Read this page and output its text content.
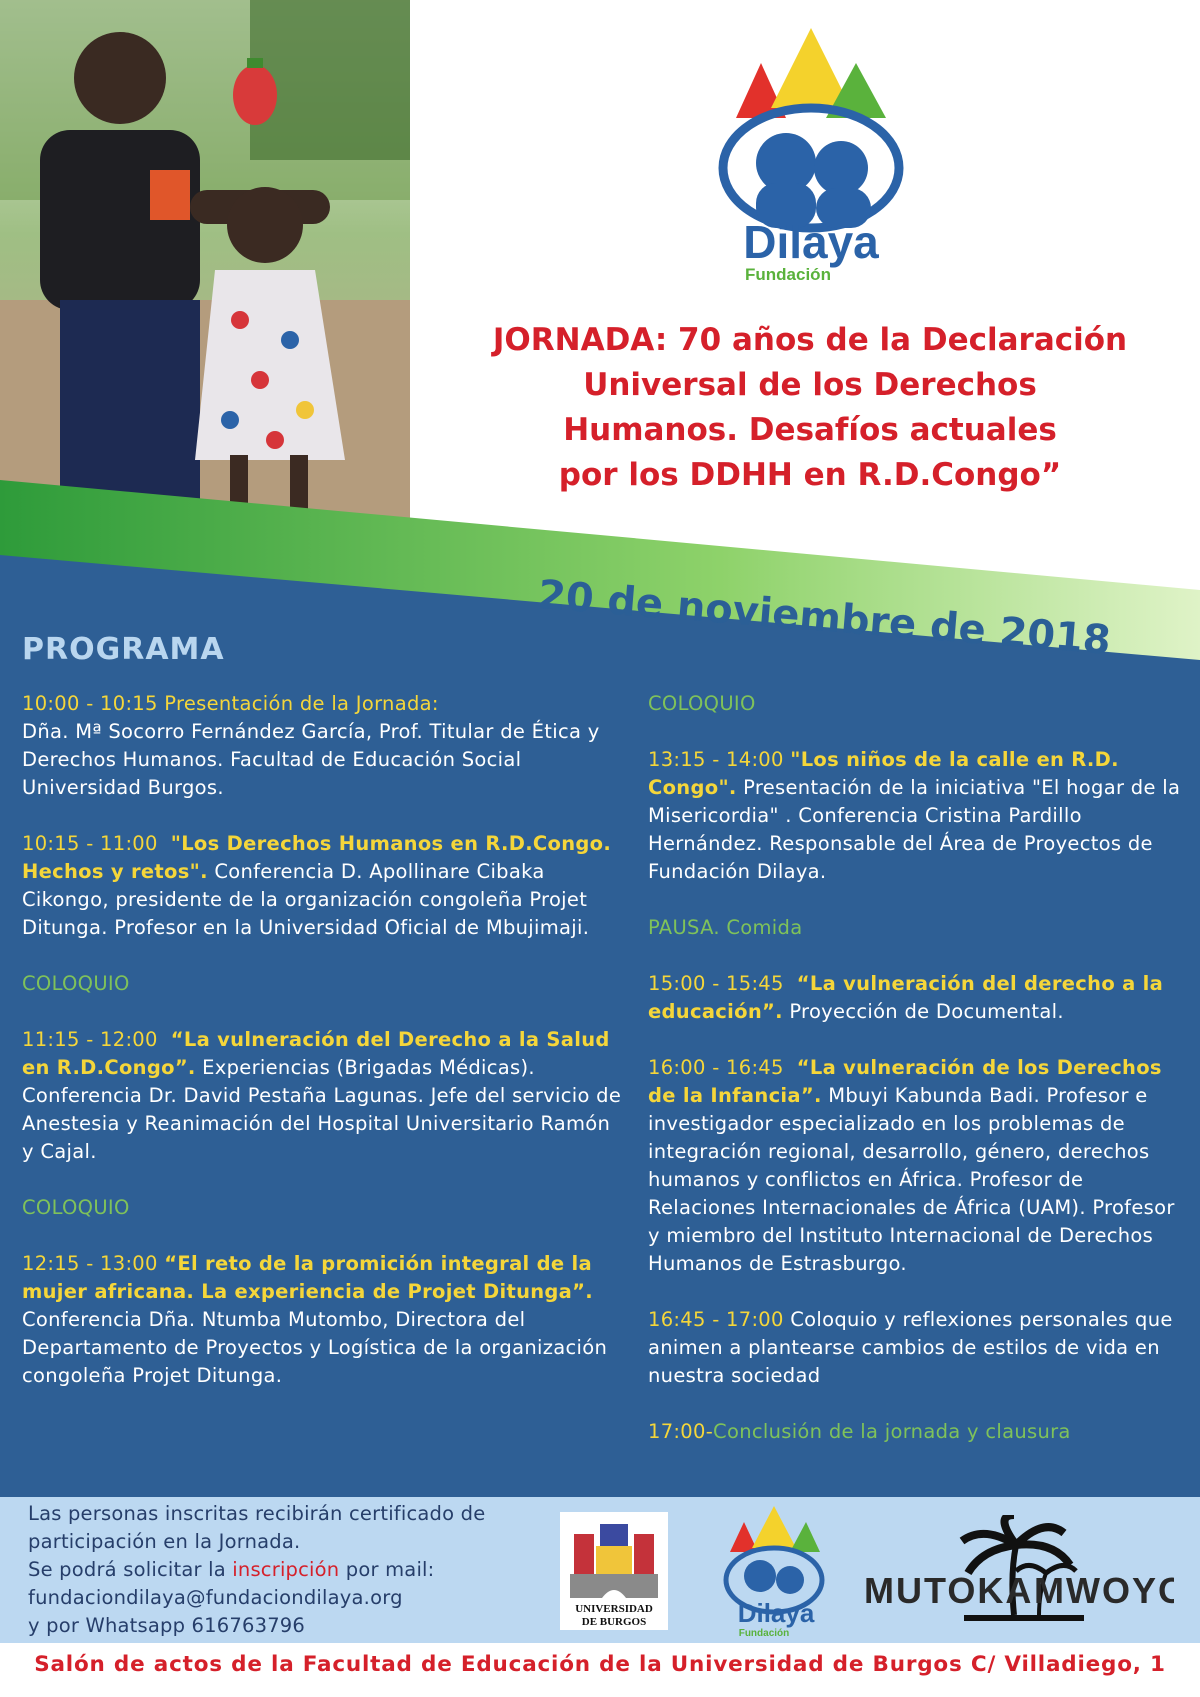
Dilaya
Fundación
JORNADA: 70 años de la Declaración
Universal de los Derechos
Humanos. Desafíos actuales
por los DDHH en R.D.Congo”
20 de noviembre de 2018
PROGRAMA
10:00 - 10:15 Presentación de la Jornada:
Dña. Mª Socorro Fernández García, Prof. Titular de Ética y Derechos Humanos. Facultad de Educación Social Universidad Burgos.
10:15 - 11:00 "Los Derechos Humanos en R.D.Congo. Hechos y retos". Conferencia D. Apollinare Cibaka Cikongo, presidente de la organización congoleña Projet Ditunga. Profesor en la Universidad Oficial de Mbujimaji.
COLOQUIO
11:15 - 12:00 “La vulneración del Derecho a la Salud en R.D.Congo”. Experiencias (Brigadas Médicas). Conferencia Dr. David Pestaña Lagunas. Jefe del servicio de Anestesia y Reanimación del Hospital Universitario Ramón y Cajal.
COLOQUIO
12:15 - 13:00 “El reto de la promición integral de la mujer africana. La experiencia de Projet Ditunga”. Conferencia Dña. Ntumba Mutombo, Directora del Departamento de Proyectos y Logística de la organización congoleña Projet Ditunga.
COLOQUIO
13:15 - 14:00 "Los niños de la calle en R.D. Congo". Presentación de la iniciativa "El hogar de la Misericordia" . Conferencia Cristina Pardillo Hernández. Responsable del Área de Proyectos de Fundación Dilaya.
PAUSA. Comida
15:00 - 15:45 “La vulneración del derecho a la educación”. Proyección de Documental.
16:00 - 16:45 “La vulneración de los Derechos de la Infancia”. Mbuyi Kabunda Badi. Profesor e investigador especializado en los problemas de integración regional, desarrollo, género, derechos humanos y conflictos en África. Profesor de Relaciones Internacionales de África (UAM). Profesor y miembro del Instituto Internacional de Derechos Humanos de Estrasburgo.
16:45 - 17:00 Coloquio y reflexiones personales que animen a plantearse cambios de estilos de vida en nuestra sociedad
17:00-Conclusión de la jornada y clausura
Las personas inscritas recibirán certificado de
participación en la Jornada.
Se podrá solicitar la inscripción por mail:
fundaciondilaya@fundaciondilaya.org
y por Whatsapp 616763796
UNIVERSIDAD
DE BURGOS	Dilaya
Fundación
MUTOKA MWOYO
Salón de actos de la Facultad de Educación de la Universidad de Burgos C/ Villadiego, 1
